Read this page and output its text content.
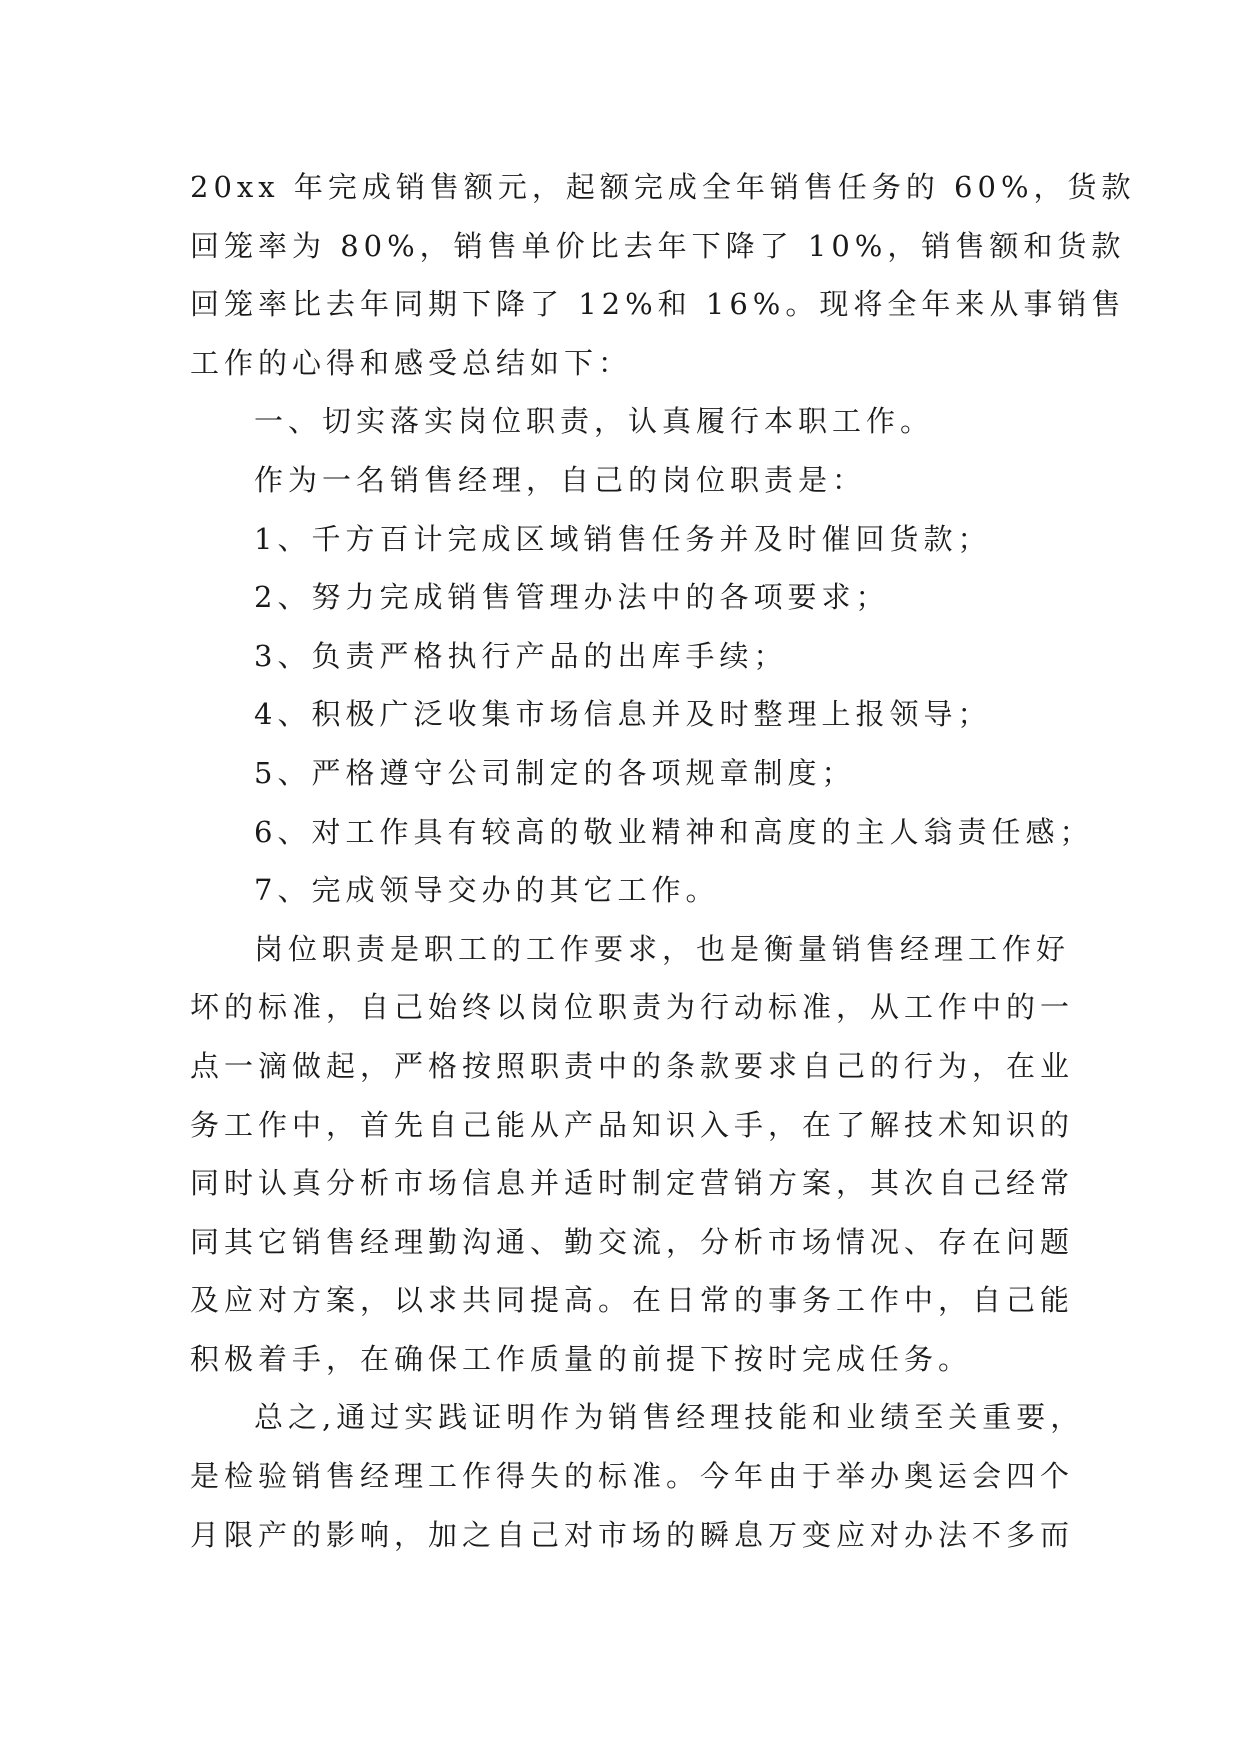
20xx 年完成销售额元，起额完成全年销售任务的 60%，货款
回笼率为 80%，销售单价比去年下降了 10%，销售额和货款
回笼率比去年同期下降了 12%和 16%。现将全年来从事销售
工作的心得和感受总结如下：
一、切实落实岗位职责，认真履行本职工作。
作为一名销售经理，自己的岗位职责是：
1、千方百计完成区域销售任务并及时催回货款；
2、努力完成销售管理办法中的各项要求；
3、负责严格执行产品的出库手续；
4、积极广泛收集市场信息并及时整理上报领导；
5、严格遵守公司制定的各项规章制度；
6、对工作具有较高的敬业精神和高度的主人翁责任感；
7、完成领导交办的其它工作。
岗位职责是职工的工作要求，也是衡量销售经理工作好
坏的标准，自己始终以岗位职责为行动标准，从工作中的一
点一滴做起，严格按照职责中的条款要求自己的行为，在业
务工作中，首先自己能从产品知识入手，在了解技术知识的
同时认真分析市场信息并适时制定营销方案，其次自己经常
同其它销售经理勤沟通、勤交流，分析市场情况、存在问题
及应对方案，以求共同提高。在日常的事务工作中，自己能
积极着手，在确保工作质量的前提下按时完成任务。
总之,通过实践证明作为销售经理技能和业绩至关重要，
是检验销售经理工作得失的标准。今年由于举办奥运会四个
月限产的影响，加之自己对市场的瞬息万变应对办法不多而
